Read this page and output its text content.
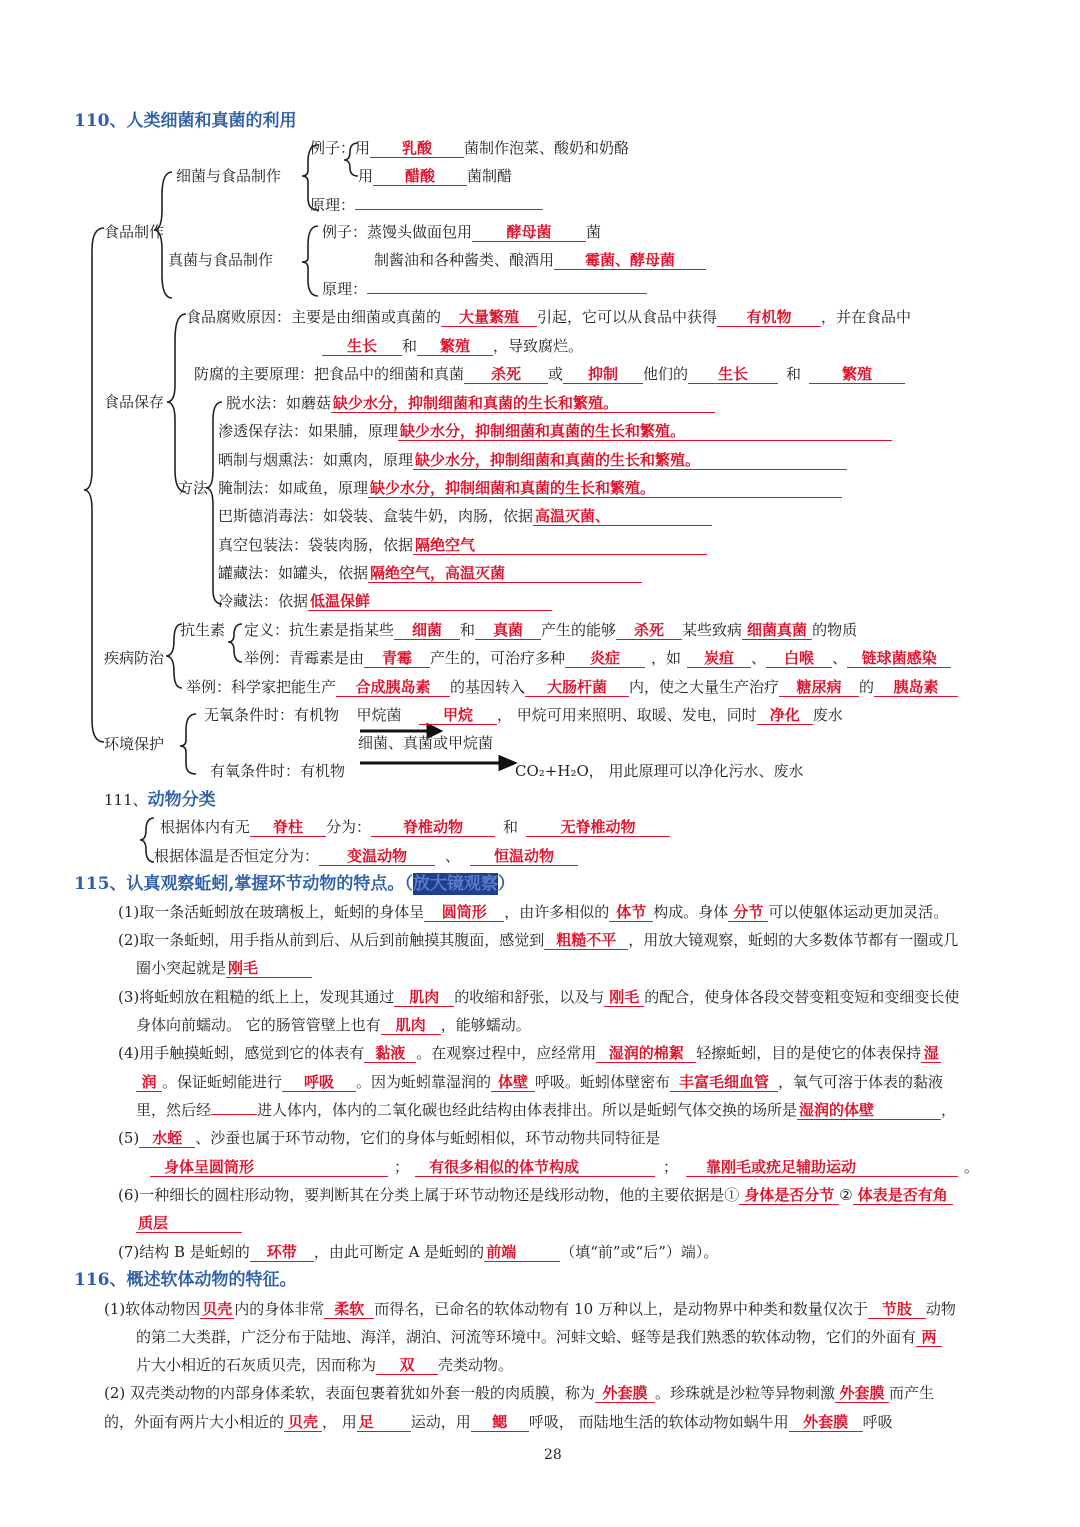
110、人类细菌和真菌的利用
食品制作
细菌与食品制作
例子：用 乳酸 菌制作泡菜、酸奶和奶酪
用 醋酸 菌制醋
原理：
真菌与食品制作
例子：蒸馒头做面包用 酵母菌 菌
制酱油和各种酱类、酿酒用 霉菌、酵母菌
原理：
食品保存
食品腐败原因：主要是由细菌或真菌的 大量繁殖 引起，它可以从食品中获得 有机物 ，并在食品中
生长 和 繁殖 ，导致腐烂。
防腐的主要原理：把食品中的细菌和真菌 杀死 或 抑制 他们的 生长	和	繁殖
方法
脱水法：如蘑菇 缺少水分，抑制细菌和真菌的生长和繁殖。
渗透保存法：如果脯，原理 缺少水分，抑制细菌和真菌的生长和繁殖。
晒制与烟熏法：如熏肉，原理 缺少水分，抑制细菌和真菌的生长和繁殖。
腌制法：如咸鱼，原理 缺少水分，抑制细菌和真菌的生长和繁殖。
巴斯德消毒法：如袋装、盒装牛奶，肉肠，依据 高温灭菌、
真空包装法：袋装肉肠，依据 隔绝空气
罐藏法：如罐头，依据 隔绝空气，高温灭菌
冷藏法：依据 低温保鲜
疾病防治
抗生素 定义：抗生素是指某些 细菌 和 真菌 产生的能够 杀死 某些致病 细菌真菌 的物质
举例：青霉素是由 青霉 产生的，可治疗多种 炎症 ，如 炭疽 、 白喉 、 链球菌感染
举例：科学家把能生产 合成胰岛素 的基因转入 大肠杆菌 内，使之大量生产治疗 糖尿病 的 胰岛素
环境保护
无氧条件时：有机物 甲烷菌	甲烷 ， 甲烷可用来照明、取暖、发电，同时 净化 废水
细菌、真菌或甲烷菌
有氧条件时：有机物	CO₂+H₂O， 用此原理可以净化污水、废水
111、动物分类
根据体内有无 脊柱 分为： 脊椎动物	和	无脊椎动物
根据体温是否恒定分为： 变温动物	、 恒温动物
115、认真观察蚯蚓,掌握环节动物的特点。（
放大镜观察）
(1)取一条活蚯蚓放在玻璃板上，蚯蚓的身体呈 圆筒形 ，由许多相似的 体节 构成。身体 分节 可以使躯体运动更加灵活。
(2)取一条蚯蚓，用手指从前到后、从后到前触摸其腹面，感觉到 粗糙不平 ，用放大镜观察，蚯蚓的大多数体节都有一圈或几
圈小突起就是 刚毛
(3)将蚯蚓放在粗糙的纸上上，发现其通过 肌肉 的收缩和舒张，以及与 刚毛 的配合，使身体各段交替变粗变短和变细变长使
身体向前蠕动。 它的肠管管壁上也有 肌肉 ，能够蠕动。
(4)用手触摸蚯蚓，感觉到它的体表有 黏液 。在观察过程中，应经常用 湿润的棉絮 轻擦蚯蚓，目的是使它的体表保持 湿
润 。保证蚯蚓能进行 呼吸 。因为蚯蚓靠湿润的 体壁 呼吸。蚯蚓体壁密布 丰富毛细血管 ，氧气可溶于体表的黏液
里，然后经	进人体内，体内的二氧化碳也经此结构由体表排出。所以是蚯蚓气体交换的场所是 湿润的体壁	，
(5) 水蛭 、沙蚕也属于环节动物，它们的身体与蚯蚓相似，环节动物共同特征是
身体呈圆筒形	； 有很多相似的体节构成	； 靠刚毛或疣足辅助运动	。
(6)一种细长的圆柱形动物，要判断其在分类上属于环节动物还是线形动物，他的主要依据是① 身体是否分节 ② 体表是否有角
质层
(7)结构 B 是蚯蚓的 环带 ，由此可断定 A 是蚯蚓的 前端	（填“前”或“后”）端）。
116、概述软体动物的特征。
(1)软体动物因 贝壳 内的身体非常 柔软 而得名，已命名的软体动物有 10 万种以上，是动物界中种类和数量仅次于 节肢 动物
的第二大类群，广泛分布于陆地、海洋，湖泊、河流等环境中。河蚌文蛤、蛏等是我们熟悉的软体动物，它们的外面有 两
片大小相近的石灰质贝壳，因而称为 双 壳类动物。
(2) 双壳类动物的内部身体柔软，表面包裹着犹如外套一般的肉质膜，称为 外套膜 。珍珠就是沙粒等异物刺激 外套膜 而产生
的，外面有两片大小相近的 贝壳 ， 用 足 运动，用 鳃 呼吸， 而陆地生活的软体动物如蜗牛用 外套膜 呼吸
28
